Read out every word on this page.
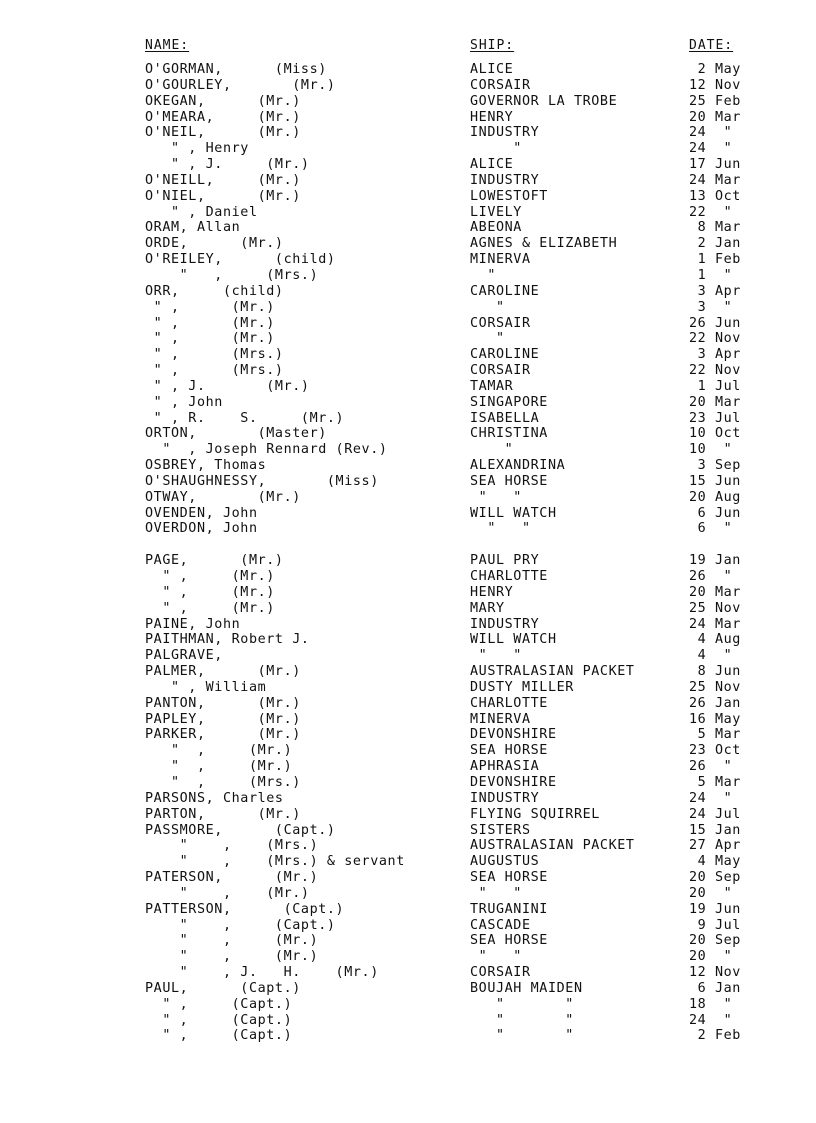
NAME:	SHIP:	DATE:
O'GORMAN,      (Miss)	ALICE	2 May
O'GOURLEY,       (Mr.)	CORSAIR	12 Nov
OKEGAN,      (Mr.)	GOVERNOR LA TROBE	25 Feb
O'MEARA,     (Mr.)	HENRY	20 Mar
O'NEIL,      (Mr.)	INDUSTRY	24  "
" , Henry	"	24  "
" , J.     (Mr.)	ALICE	17 Jun
O'NEILL,     (Mr.)	INDUSTRY	24 Mar
O'NIEL,      (Mr.)	LOWESTOFT	13 Oct
" , Daniel	LIVELY	22  "
ORAM, Allan	ABEONA	8 Mar
ORDE,      (Mr.)	AGNES & ELIZABETH	2 Jan
O'REILEY,      (child)	MINERVA	1 Feb
"   ,     (Mrs.)	"	1  "
ORR,     (child)	CAROLINE	3 Apr
" ,      (Mr.)	"	3  "
" ,      (Mr.)	CORSAIR	26 Jun
" ,      (Mr.)	"	22 Nov
" ,      (Mrs.)	CAROLINE	3 Apr
" ,      (Mrs.)	CORSAIR	22 Nov
" , J.       (Mr.)	TAMAR	1 Jul
" , John	SINGAPORE	20 Mar
" , R.    S.     (Mr.)	ISABELLA	23 Jul
ORTON,       (Master)	CHRISTINA	10 Oct
"  , Joseph Rennard (Rev.)	"	10  "
OSBREY, Thomas	ALEXANDRINA	3 Sep
O'SHAUGHNESSY,       (Miss)	SEA HORSE	15 Jun
OTWAY,       (Mr.)	"   "	20 Aug
OVENDEN, John	WILL WATCH	6 Jun
OVERDON, John	"   "	6  "
PAGE,      (Mr.)	PAUL PRY	19 Jan
" ,     (Mr.)	CHARLOTTE	26  "
" ,     (Mr.)	HENRY	20 Mar
" ,     (Mr.)	MARY	25 Nov
PAINE, John	INDUSTRY	24 Mar
PAITHMAN, Robert J.	WILL WATCH	4 Aug
PALGRAVE,	"   "	4  "
PALMER,      (Mr.)	AUSTRALASIAN PACKET	8 Jun
" , William	DUSTY MILLER	25 Nov
PANTON,      (Mr.)	CHARLOTTE	26 Jan
PAPLEY,      (Mr.)	MINERVA	16 May
PARKER,      (Mr.)	DEVONSHIRE	5 Mar
"  ,     (Mr.)	SEA HORSE	23 Oct
"  ,     (Mr.)	APHRASIA	26  "
"  ,     (Mrs.)	DEVONSHIRE	5 Mar
PARSONS, Charles	INDUSTRY	24  "
PARTON,      (Mr.)	FLYING SQUIRREL	24 Jul
PASSMORE,      (Capt.)	SISTERS	15 Jan
"    ,    (Mrs.)	AUSTRALASIAN PACKET	27 Apr
"    ,    (Mrs.) & servant	AUGUSTUS	4 May
PATERSON,      (Mr.)	SEA HORSE	20 Sep
"    ,    (Mr.)	"   "	20  "
PATTERSON,      (Capt.)	TRUGANINI	19 Jun
"    ,     (Capt.)	CASCADE	9 Jul
"    ,     (Mr.)	SEA HORSE	20 Sep
"    ,     (Mr.)	"   "	20  "
"    , J.   H.    (Mr.)	CORSAIR	12 Nov
PAUL,      (Capt.)	BOUJAH MAIDEN	6 Jan
" ,     (Capt.)	"       "	18  "
" ,     (Capt.)	"       "	24  "
" ,     (Capt.)	"       "	2 Feb
